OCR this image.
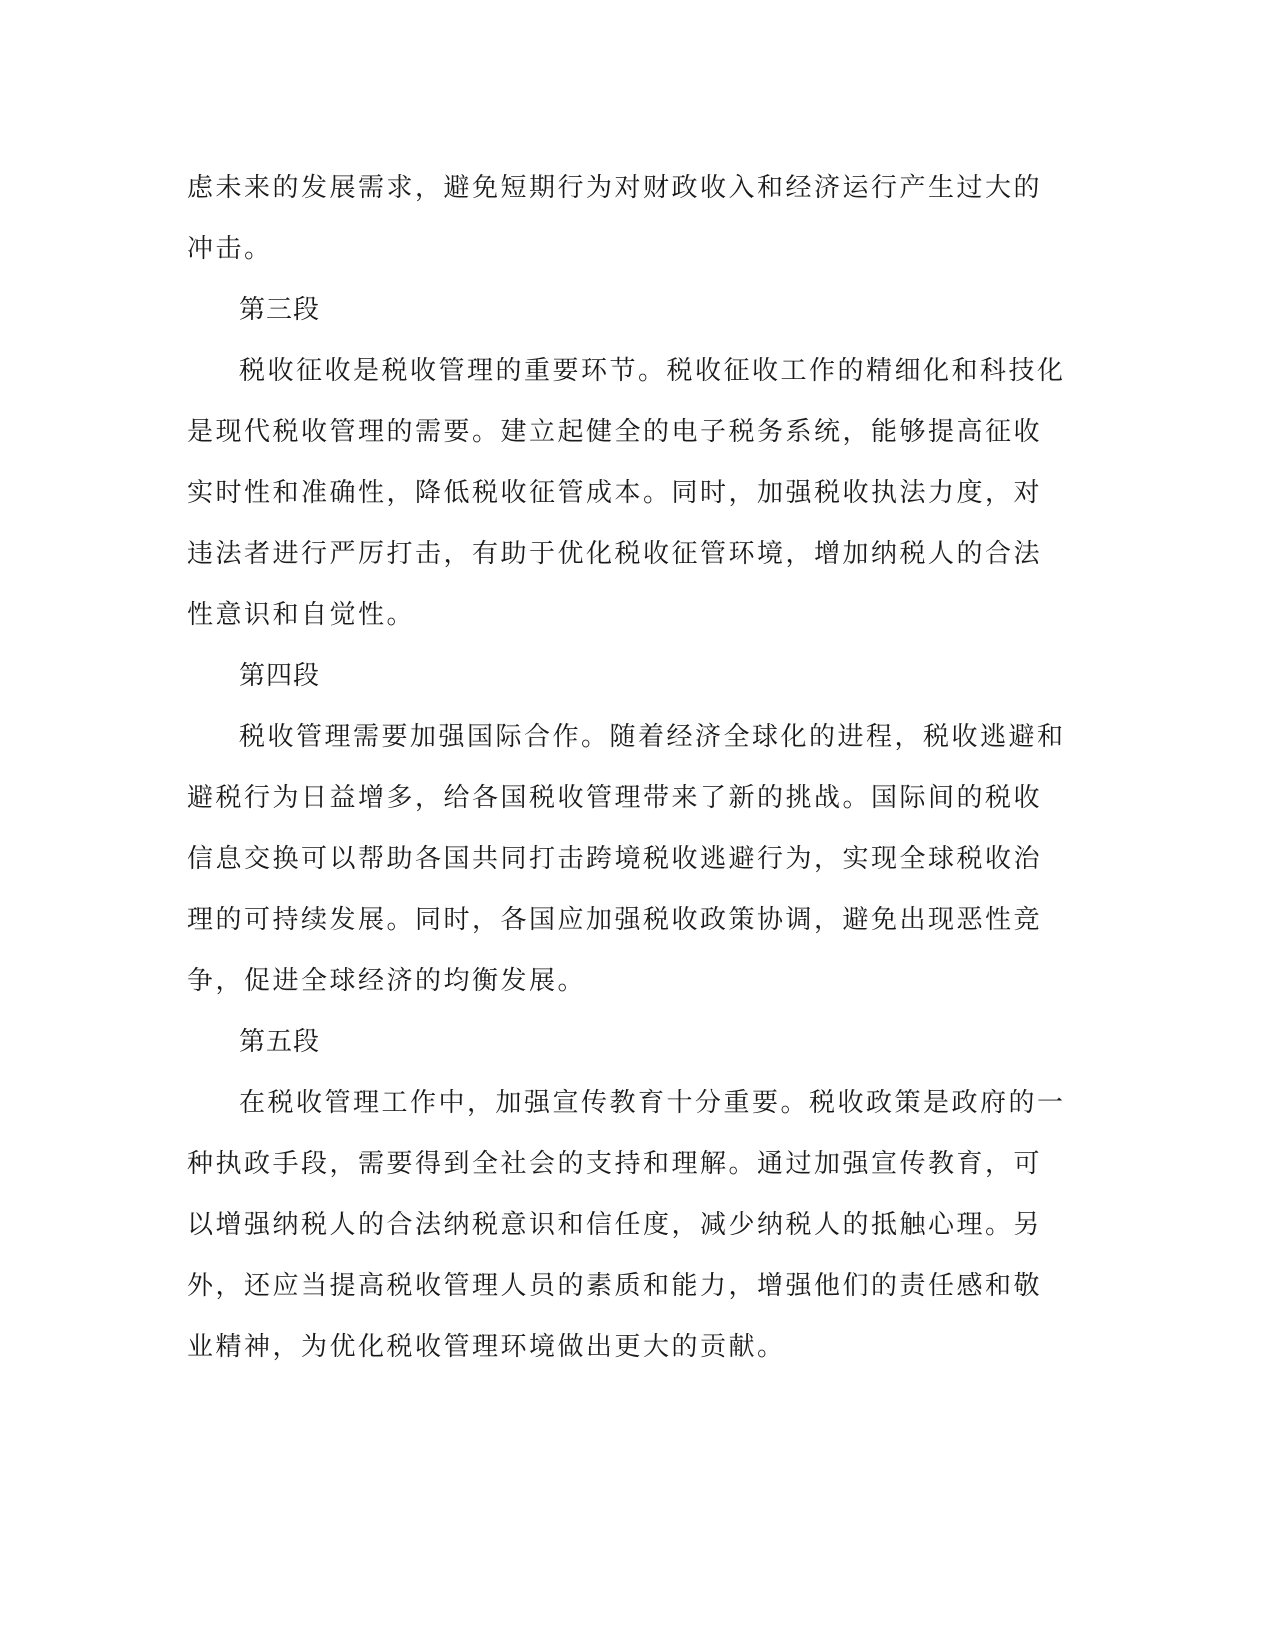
虑未来的发展需求，避免短期行为对财政收入和经济运行产生过大的冲击。

第三段

税收征收是税收管理的重要环节。税收征收工作的精细化和科技化是现代税收管理的需要。建立起健全的电子税务系统，能够提高征收实时性和准确性，降低税收征管成本。同时，加强税收执法力度，对违法者进行严厉打击，有助于优化税收征管环境，增加纳税人的合法性意识和自觉性。

第四段

税收管理需要加强国际合作。随着经济全球化的进程，税收逃避和避税行为日益增多，给各国税收管理带来了新的挑战。国际间的税收信息交换可以帮助各国共同打击跨境税收逃避行为，实现全球税收治理的可持续发展。同时，各国应加强税收政策协调，避免出现恶性竞争，促进全球经济的均衡发展。

第五段

在税收管理工作中，加强宣传教育十分重要。税收政策是政府的一种执政手段，需要得到全社会的支持和理解。通过加强宣传教育，可以增强纳税人的合法纳税意识和信任度，减少纳税人的抵触心理。另外，还应当提高税收管理人员的素质和能力，增强他们的责任感和敬业精神，为优化税收管理环境做出更大的贡献。
